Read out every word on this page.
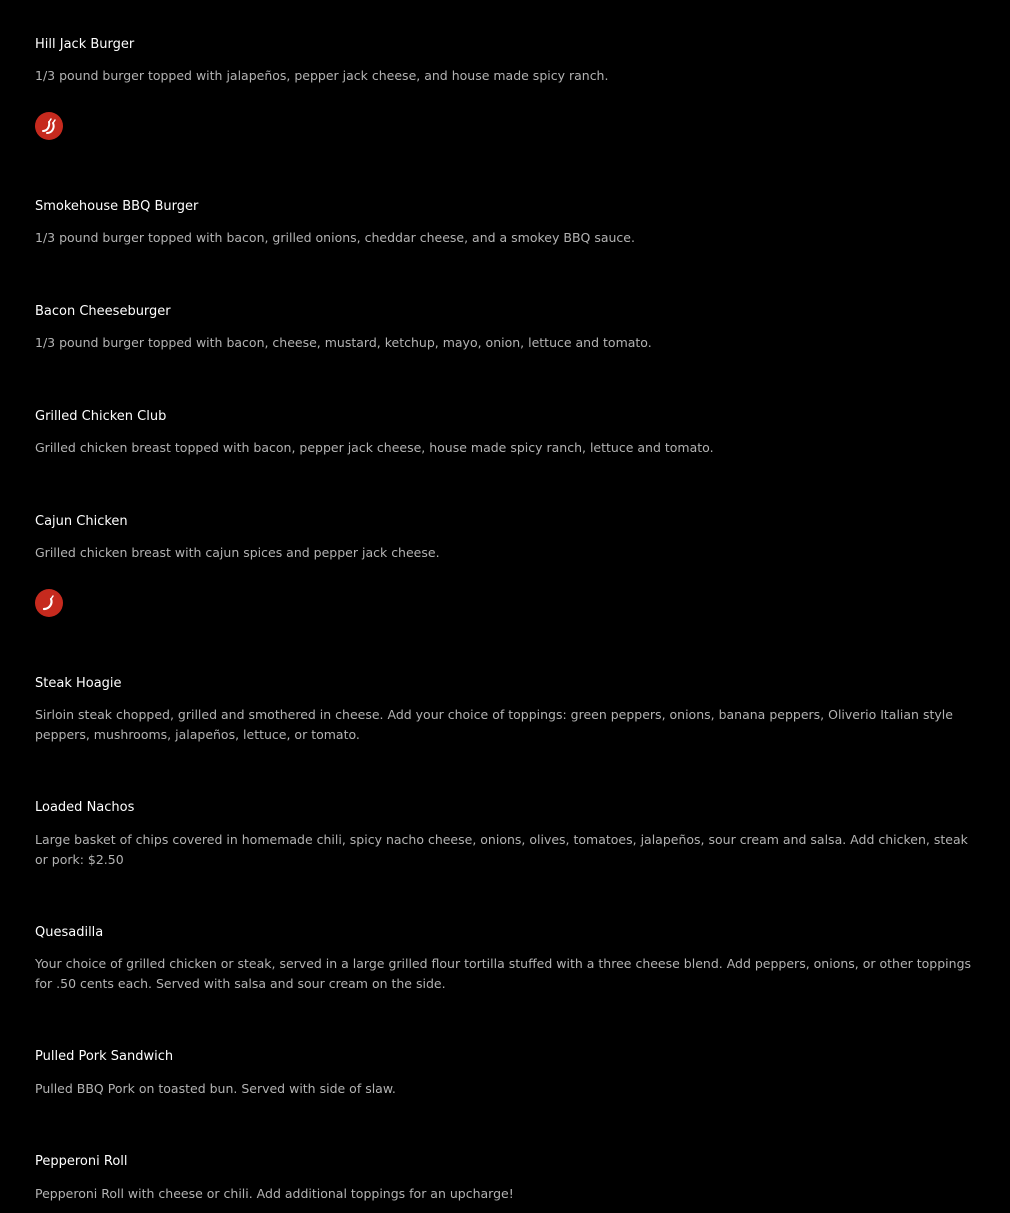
Hill Jack Burger

1/3 pound burger topped with jalapeños, pepper jack cheese, and house made spicy ranch.

Smokehouse BBQ Burger

1/3 pound burger topped with bacon, grilled onions, cheddar cheese, and a smokey BBQ sauce.

Bacon Cheeseburger

1/3 pound burger topped with bacon, cheese, mustard, ketchup, mayo, onion, lettuce and tomato.

Grilled Chicken Club

Grilled chicken breast topped with bacon, pepper jack cheese, house made spicy ranch, lettuce and tomato.

Cajun Chicken

Grilled chicken breast with cajun spices and pepper jack cheese.

Steak Hoagie

Sirloin steak chopped, grilled and smothered in cheese. Add your choice of toppings: green peppers, onions, banana peppers, Oliverio Italian style peppers, mushrooms, jalapeños, lettuce, or tomato.

Loaded Nachos

Large basket of chips covered in homemade chili, spicy nacho cheese, onions, olives, tomatoes, jalapeños, sour cream and salsa. Add chicken, steak or pork: $2.50

Quesadilla

Your choice of grilled chicken or steak, served in a large grilled flour tortilla stuffed with a three cheese blend. Add peppers, onions, or other toppings for .50 cents each. Served with salsa and sour cream on the side.

Pulled Pork Sandwich

Pulled BBQ Pork on toasted bun. Served with side of slaw.

Pepperoni Roll

Pepperoni Roll with cheese or chili. Add additional toppings for an upcharge!
